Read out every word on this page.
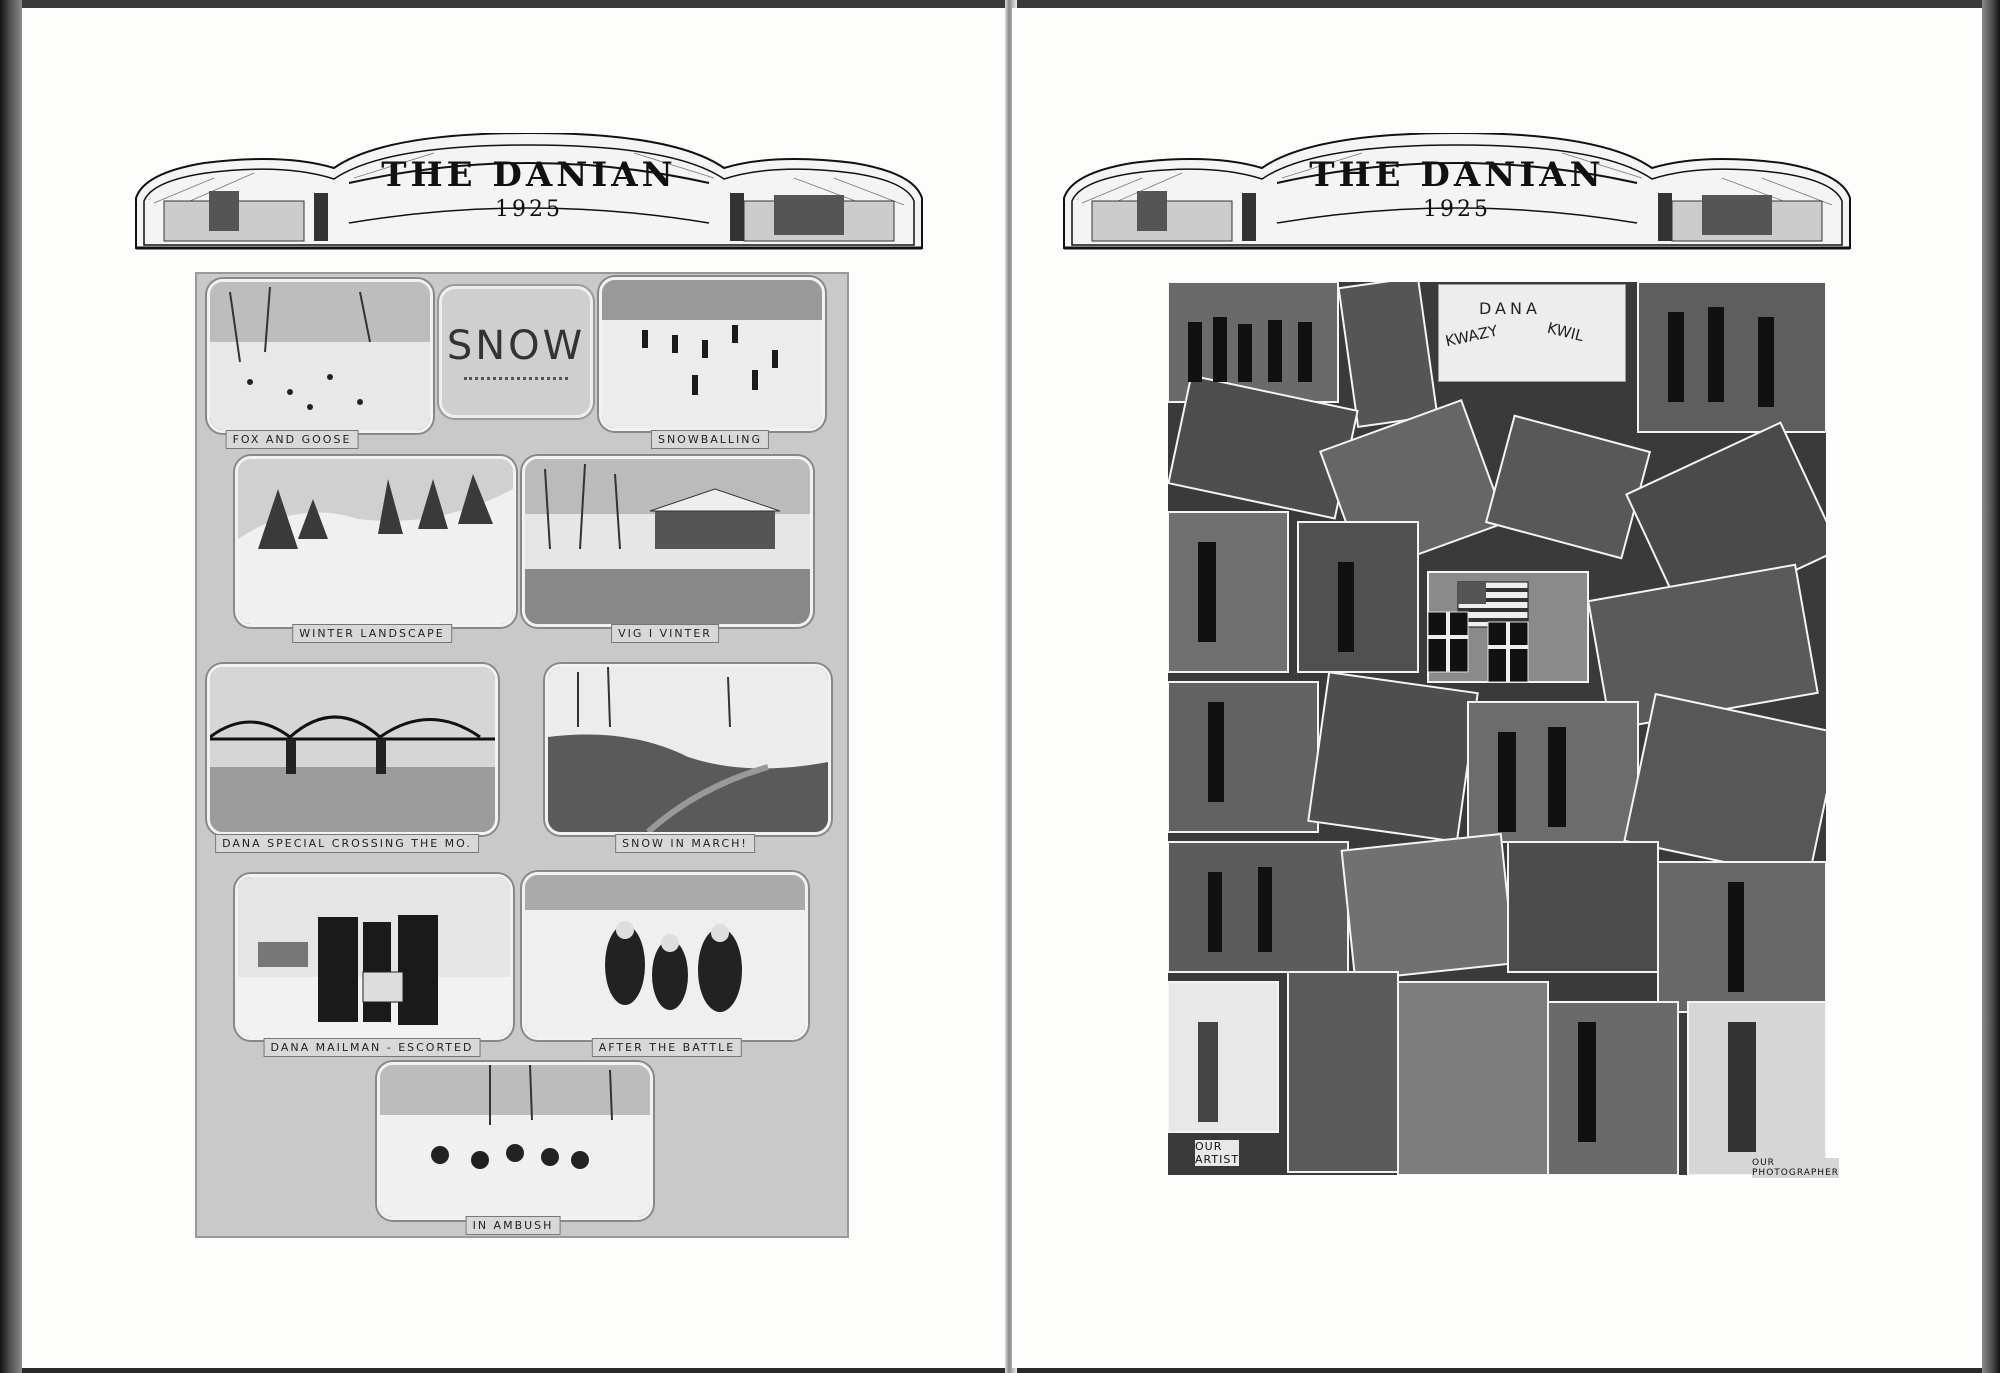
THE DANIAN
1925
FOX AND GOOSE
SNOW
SNOWBALLING
WINTER LANDSCAPE	VIG I VINTER
DANA SPECIAL CROSSING THE MO.	SNOW IN MARCH!
DANA MAILMAN - ESCORTED	AFTER THE BATTLE
IN AMBUSH
THE DANIAN
1925
DANA
KWAZY	KWIL
OUR
ARTIST	OUR
PHOTOGRAPHER
